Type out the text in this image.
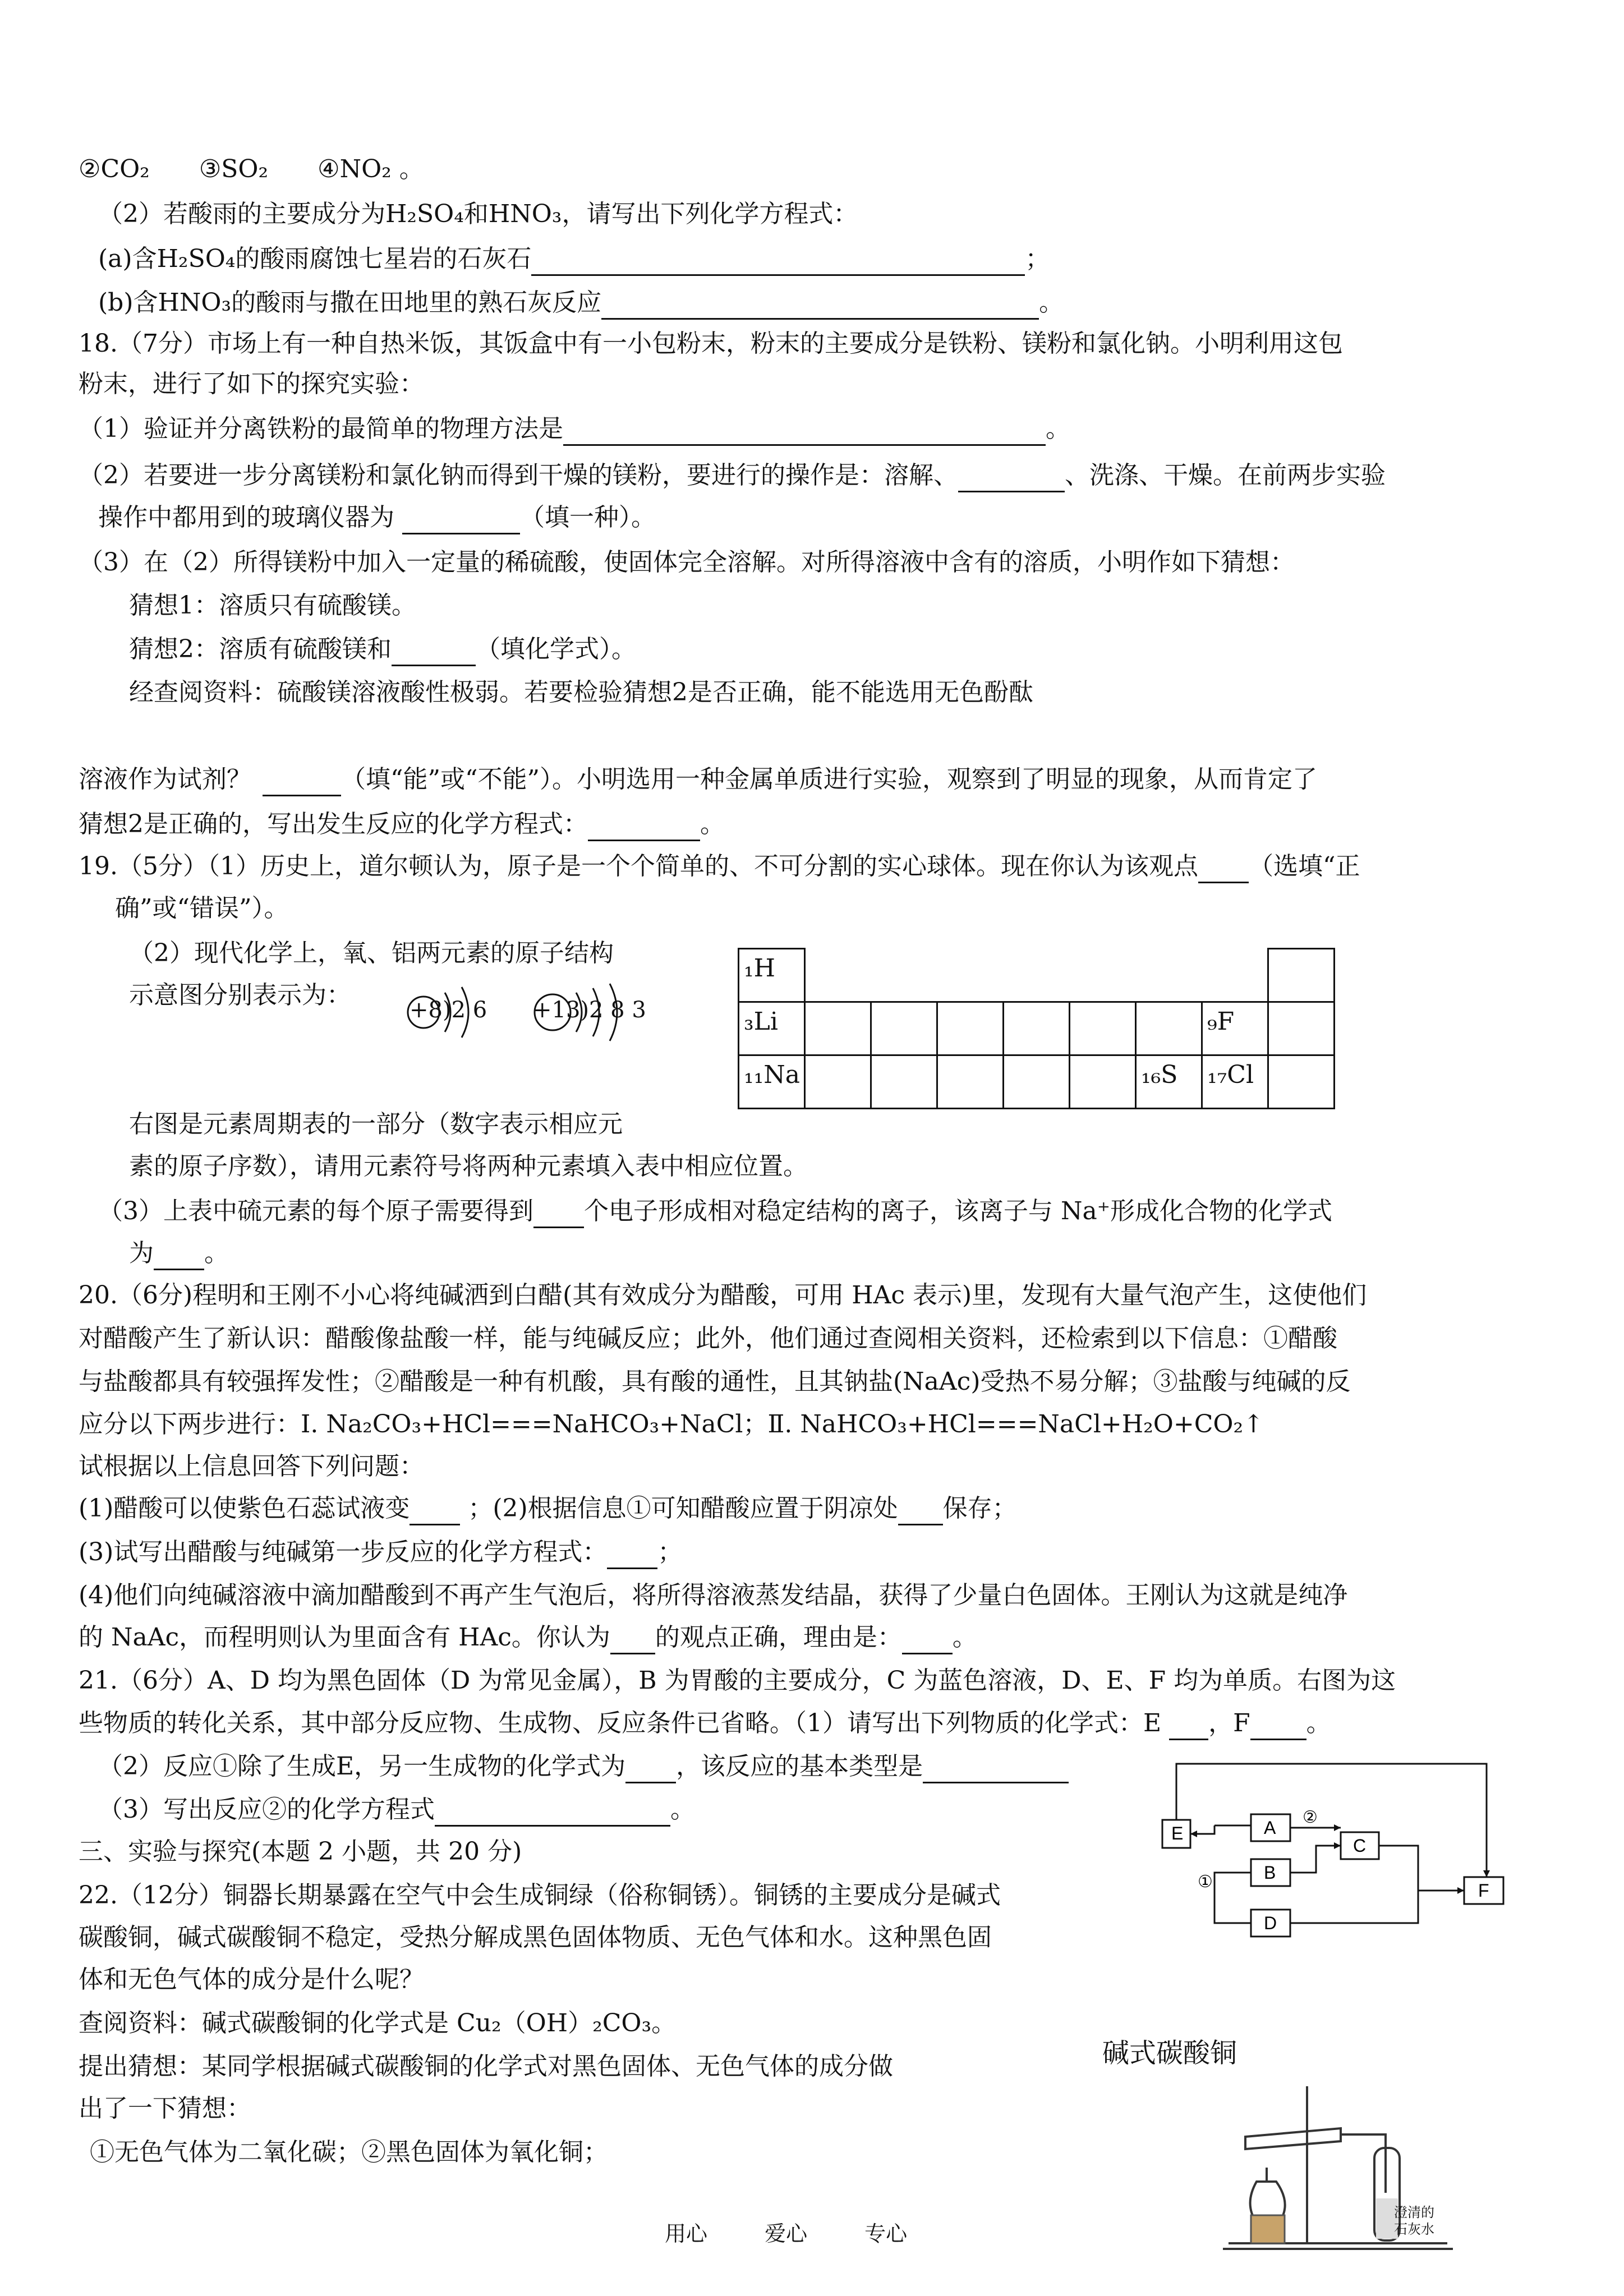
②CO₂　　③SO₂　　④NO₂ 。
（2）若酸雨的主要成分为H₂SO₄和HNO₃，请写出下列化学方程式：
(a)含H₂SO₄的酸雨腐蚀七星岩的石灰石	；
(b)含HNO₃的酸雨与撒在田地里的熟石灰反应	。
18.（7分）市场上有一种自热米饭，其饭盒中有一小包粉末，粉末的主要成分是铁粉、镁粉和氯化钠。小明利用这包
粉末，进行了如下的探究实验：
（1）验证并分离铁粉的最简单的物理方法是	。
（2）若要进一步分离镁粉和氯化钠而得到干燥的镁粉，要进行的操作是：溶解、	、洗涤、干燥。在前两步实验
操作中都用到的玻璃仪器为	（填一种）。
（3）在（2）所得镁粉中加入一定量的稀硫酸，使固体完全溶解。对所得溶液中含有的溶质，小明作如下猜想：
猜想1：溶质只有硫酸镁。
猜想2：溶质有硫酸镁和	（填化学式）。
经查阅资料：硫酸镁溶液酸性极弱。若要检验猜想2是否正确，能不能选用无色酚酞
溶液作为试剂？	（填“能”或“不能”）。小明选用一种金属单质进行实验，观察到了明显的现象，从而肯定了
猜想2是正确的，写出发生反应的化学方程式：	。
19.（5分）（1）历史上，道尔顿认为，原子是一个个简单的、不可分割的实心球体。现在你认为该观点 （选填“正
确”或“错误”）。
（2）现代化学上，氧、铝两元素的原子结构
示意图分别表示为：
+8)2 6 +13)2 8 3
₁H								
₃Li							₉F	
₁₁Na						₁₆S	₁₇Cl	
右图是元素周期表的一部分（数字表示相应元
素的原子序数），请用元素符号将两种元素填入表中相应位置。
（3）上表中硫元素的每个原子需要得到 个电子形成相对稳定结构的离子，该离子与 Na⁺形成化合物的化学式
为 。
20.（6分)程明和王刚不小心将纯碱洒到白醋(其有效成分为醋酸，可用 HAc 表示)里，发现有大量气泡产生，这使他们
对醋酸产生了新认识：醋酸像盐酸一样，能与纯碱反应；此外，他们通过查阅相关资料，还检索到以下信息：①醋酸
与盐酸都具有较强挥发性；②醋酸是一种有机酸，具有酸的通性，且其钠盐(NaAc)受热不易分解；③盐酸与纯碱的反
应分以下两步进行：Ⅰ. Na₂CO₃+HCl===NaHCO₃+NaCl；Ⅱ. NaHCO₃+HCl===NaCl+H₂O+CO₂↑
试根据以上信息回答下列问题：
(1)醋酸可以使紫色石蕊试液变 ；(2)根据信息①可知醋酸应置于阴凉处 保存；
(3)试写出醋酸与纯碱第一步反应的化学方程式： ；
(4)他们向纯碱溶液中滴加醋酸到不再产生气泡后，将所得溶液蒸发结晶，获得了少量白色固体。王刚认为这就是纯净
的 NaAc，而程明则认为里面含有 HAc。你认为 的观点正确，理由是： 。
21.（6分）A、D 均为黑色固体（D 为常见金属），B 为胃酸的主要成分，C 为蓝色溶液，D、E、F 均为单质。右图为这
些物质的转化关系，其中部分反应物、生成物、反应条件已省略。（1）请写出下列物质的化学式：E ，F 。
（2）反应①除了生成E，另一生成物的化学式为 ，该反应的基本类型是
（3）写出反应②的化学方程式	。
三、实验与探究(本题 2 小题，共 20 分)
22.（12分）铜器长期暴露在空气中会生成铜绿（俗称铜锈）。铜锈的主要成分是碱式
碳酸铜，碱式碳酸铜不稳定，受热分解成黑色固体物质、无色气体和水。这种黑色固
体和无色气体的成分是什么呢？
查阅资料：碱式碳酸铜的化学式是 Cu₂（OH）₂CO₃。
提出猜想：某同学根据碱式碳酸铜的化学式对黑色固体、无色气体的成分做
出了一下猜想：
①无色气体为二氧化碳；②黑色固体为氧化铜；
E	A
B
C
D
F
①
②
碱式碳酸铜
澄清的
石灰水
用心 爱心 专心
